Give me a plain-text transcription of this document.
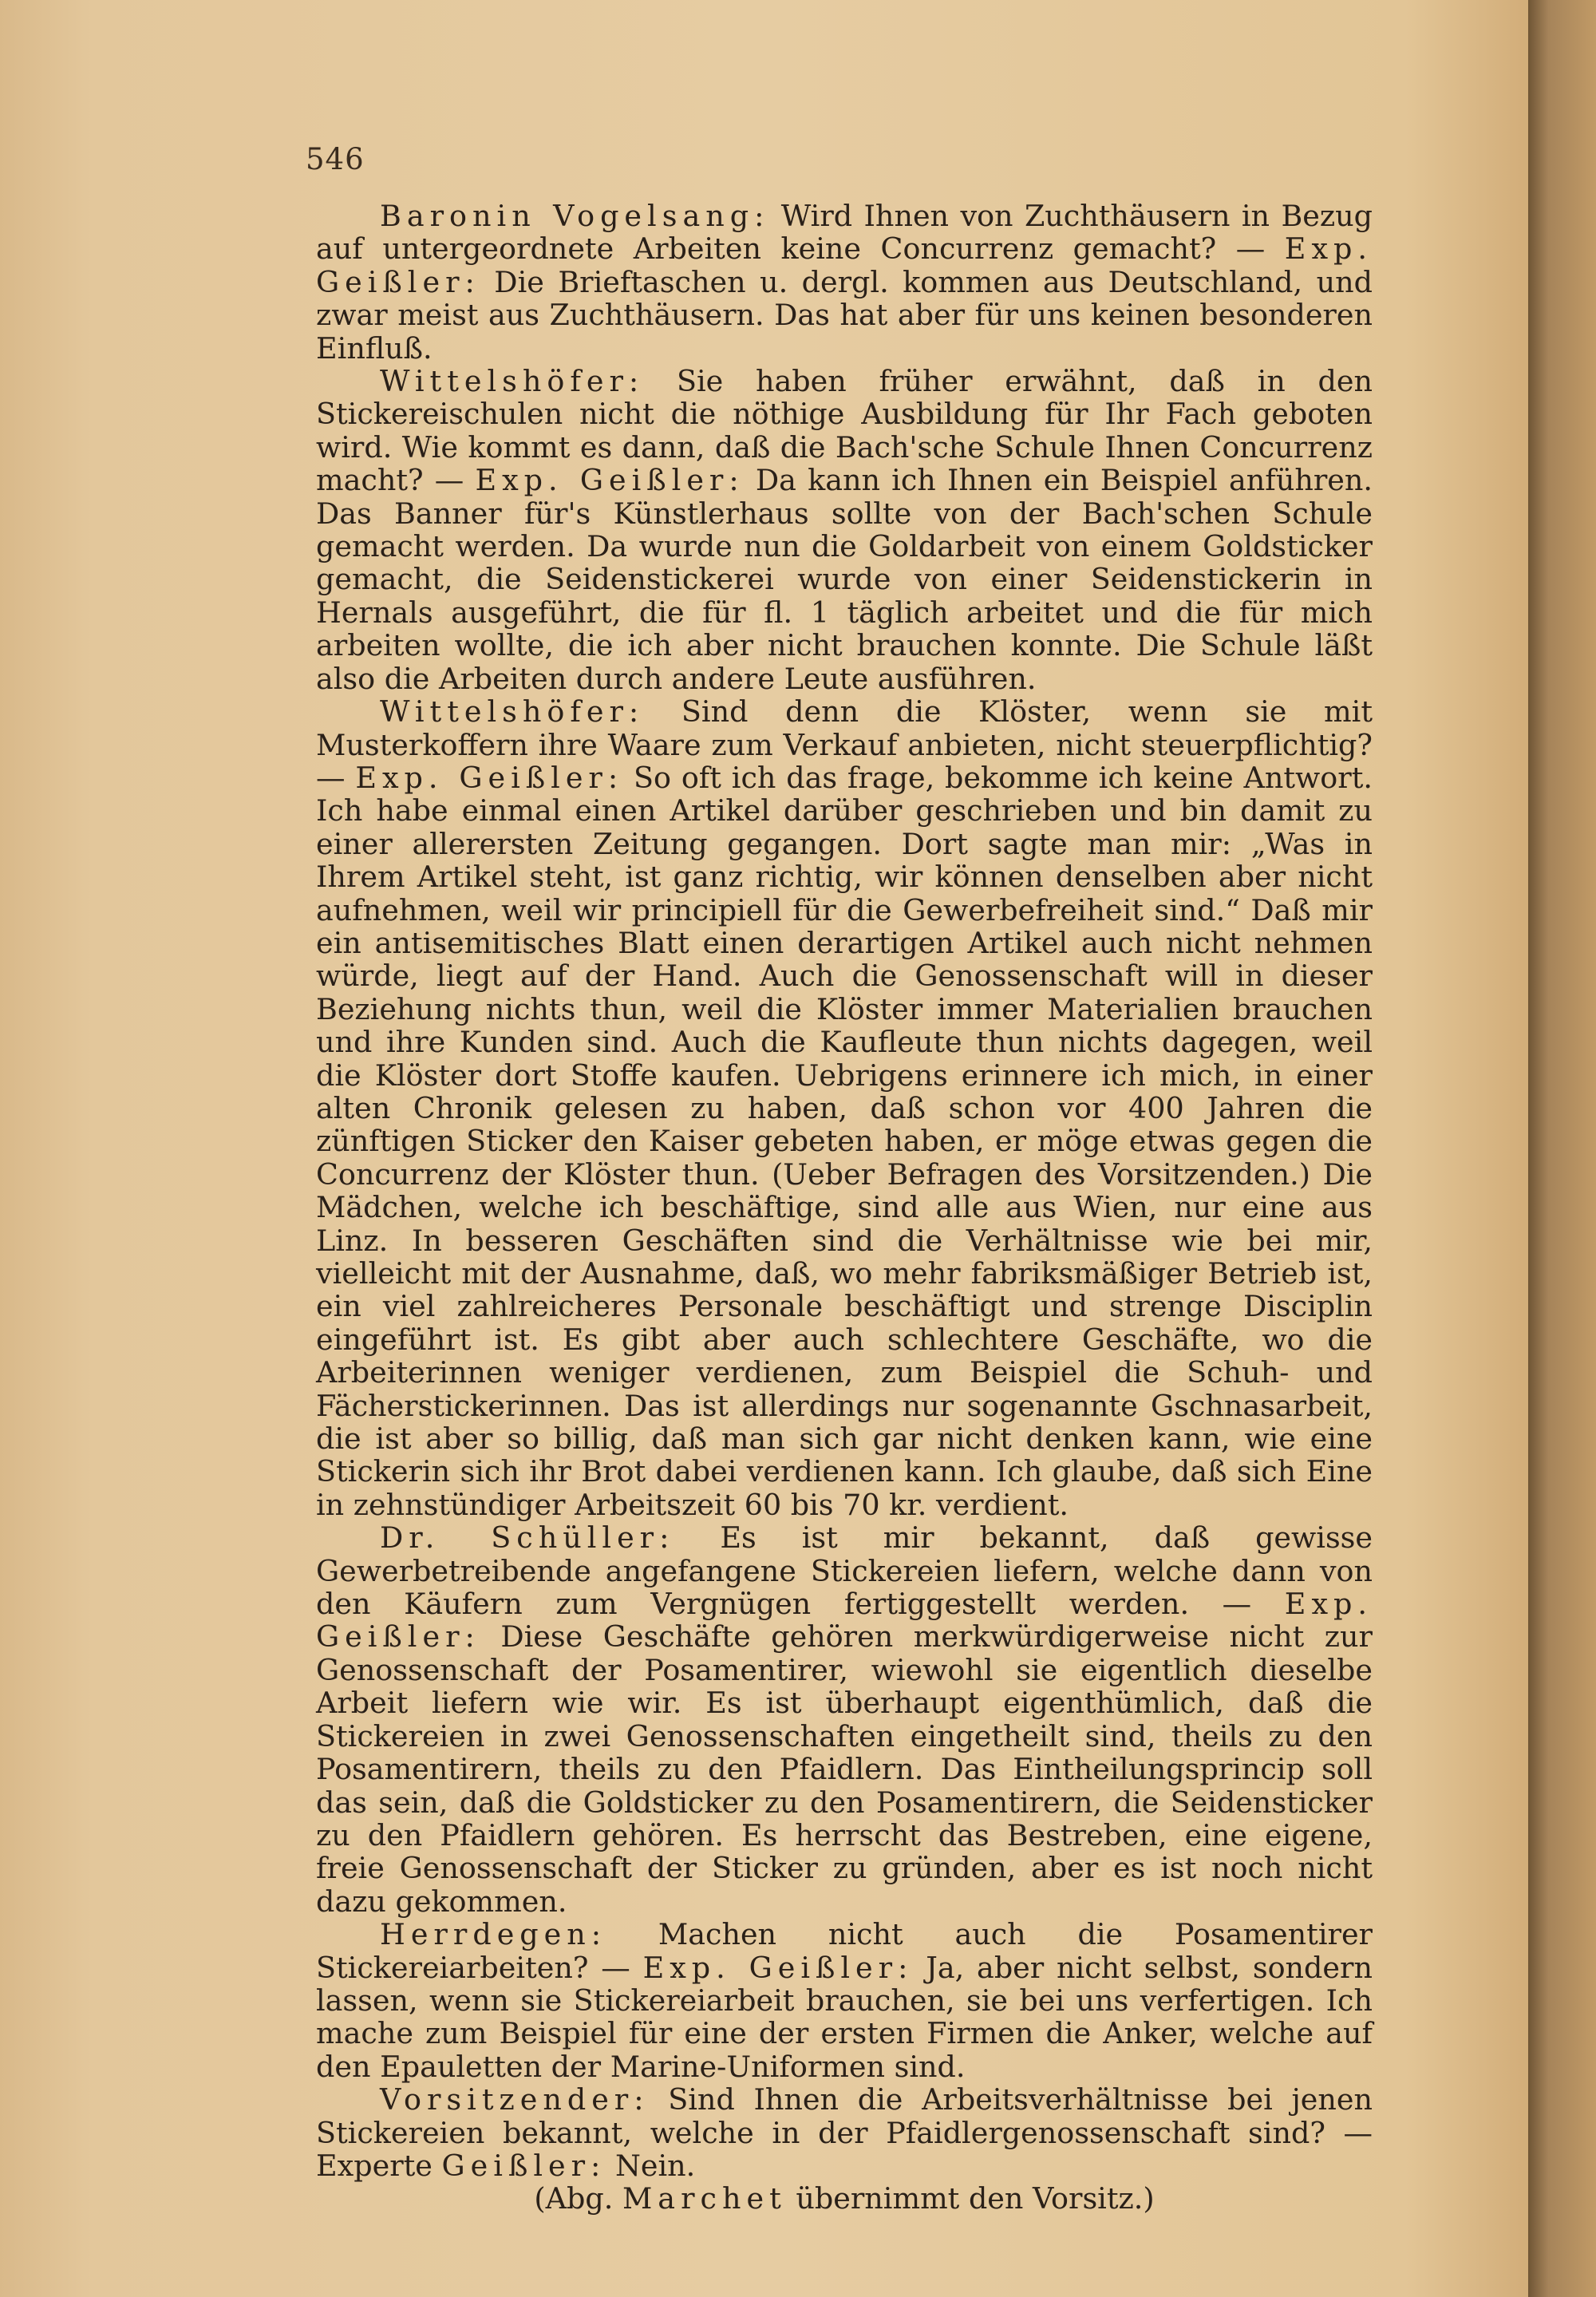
546

Baronin Vogelsang: Wird Ihnen von Zuchthäusern in Bezug auf untergeordnete Arbeiten keine Concurrenz gemacht? — Exp. Geißler: Die Brieftaschen u. dergl. kommen aus Deutschland, und zwar meist aus Zuchthäusern. Das hat aber für uns keinen besonderen Einfluß.

Wittelshöfer: Sie haben früher erwähnt, daß in den Stickereischulen nicht die nöthige Ausbildung für Ihr Fach geboten wird. Wie kommt es dann, daß die Bach'sche Schule Ihnen Concurrenz macht? — Exp. Geißler: Da kann ich Ihnen ein Beispiel anführen. Das Banner für's Künstlerhaus sollte von der Bach'schen Schule gemacht werden. Da wurde nun die Goldarbeit von einem Goldsticker gemacht, die Seidenstickerei wurde von einer Seidenstickerin in Hernals ausgeführt, die für fl. 1 täglich arbeitet und die für mich arbeiten wollte, die ich aber nicht brauchen konnte. Die Schule läßt also die Arbeiten durch andere Leute ausführen.

Wittelshöfer: Sind denn die Klöster, wenn sie mit Musterkoffern ihre Waare zum Verkauf anbieten, nicht steuerpflichtig? — Exp. Geißler: So oft ich das frage, bekomme ich keine Antwort. Ich habe einmal einen Artikel darüber geschrieben und bin damit zu einer allerersten Zeitung gegangen. Dort sagte man mir: „Was in Ihrem Artikel steht, ist ganz richtig, wir können denselben aber nicht aufnehmen, weil wir principiell für die Gewerbefreiheit sind.“ Daß mir ein antisemitisches Blatt einen derartigen Artikel auch nicht nehmen würde, liegt auf der Hand. Auch die Genossenschaft will in dieser Beziehung nichts thun, weil die Klöster immer Materialien brauchen und ihre Kunden sind. Auch die Kaufleute thun nichts dagegen, weil die Klöster dort Stoffe kaufen. Uebrigens erinnere ich mich, in einer alten Chronik gelesen zu haben, daß schon vor 400 Jahren die zünftigen Sticker den Kaiser gebeten haben, er möge etwas gegen die Concurrenz der Klöster thun. (Ueber Befragen des Vorsitzenden.) Die Mädchen, welche ich beschäftige, sind alle aus Wien, nur eine aus Linz. In besseren Geschäften sind die Verhältnisse wie bei mir, vielleicht mit der Ausnahme, daß, wo mehr fabriksmäßiger Betrieb ist, ein viel zahlreicheres Personale beschäftigt und strenge Disciplin eingeführt ist. Es gibt aber auch schlechtere Geschäfte, wo die Arbeiterinnen weniger verdienen, zum Beispiel die Schuh- und Fächerstickerinnen. Das ist allerdings nur sogenannte Gschnasarbeit, die ist aber so billig, daß man sich gar nicht denken kann, wie eine Stickerin sich ihr Brot dabei verdienen kann. Ich glaube, daß sich Eine in zehnstündiger Arbeitszeit 60 bis 70 kr. verdient.

Dr. Schüller: Es ist mir bekannt, daß gewisse Gewerbetreibende angefangene Stickereien liefern, welche dann von den Käufern zum Vergnügen fertiggestellt werden. — Exp. Geißler: Diese Geschäfte gehören merkwürdigerweise nicht zur Genossenschaft der Posamentirer, wiewohl sie eigentlich dieselbe Arbeit liefern wie wir. Es ist überhaupt eigenthümlich, daß die Stickereien in zwei Genossenschaften eingetheilt sind, theils zu den Posamentirern, theils zu den Pfaidlern. Das Eintheilungsprincip soll das sein, daß die Goldsticker zu den Posamentirern, die Seidensticker zu den Pfaidlern gehören. Es herrscht das Bestreben, eine eigene, freie Genossenschaft der Sticker zu gründen, aber es ist noch nicht dazu gekommen.

Herrdegen: Machen nicht auch die Posamentirer Stickereiarbeiten? — Exp. Geißler: Ja, aber nicht selbst, sondern lassen, wenn sie Stickereiarbeit brauchen, sie bei uns verfertigen. Ich mache zum Beispiel für eine der ersten Firmen die Anker, welche auf den Epauletten der Marine-Uniformen sind.

Vorsitzender: Sind Ihnen die Arbeitsverhältnisse bei jenen Stickereien bekannt, welche in der Pfaidlergenossenschaft sind? — Experte Geißler: Nein.

(Abg. Marchet übernimmt den Vorsitz.)
